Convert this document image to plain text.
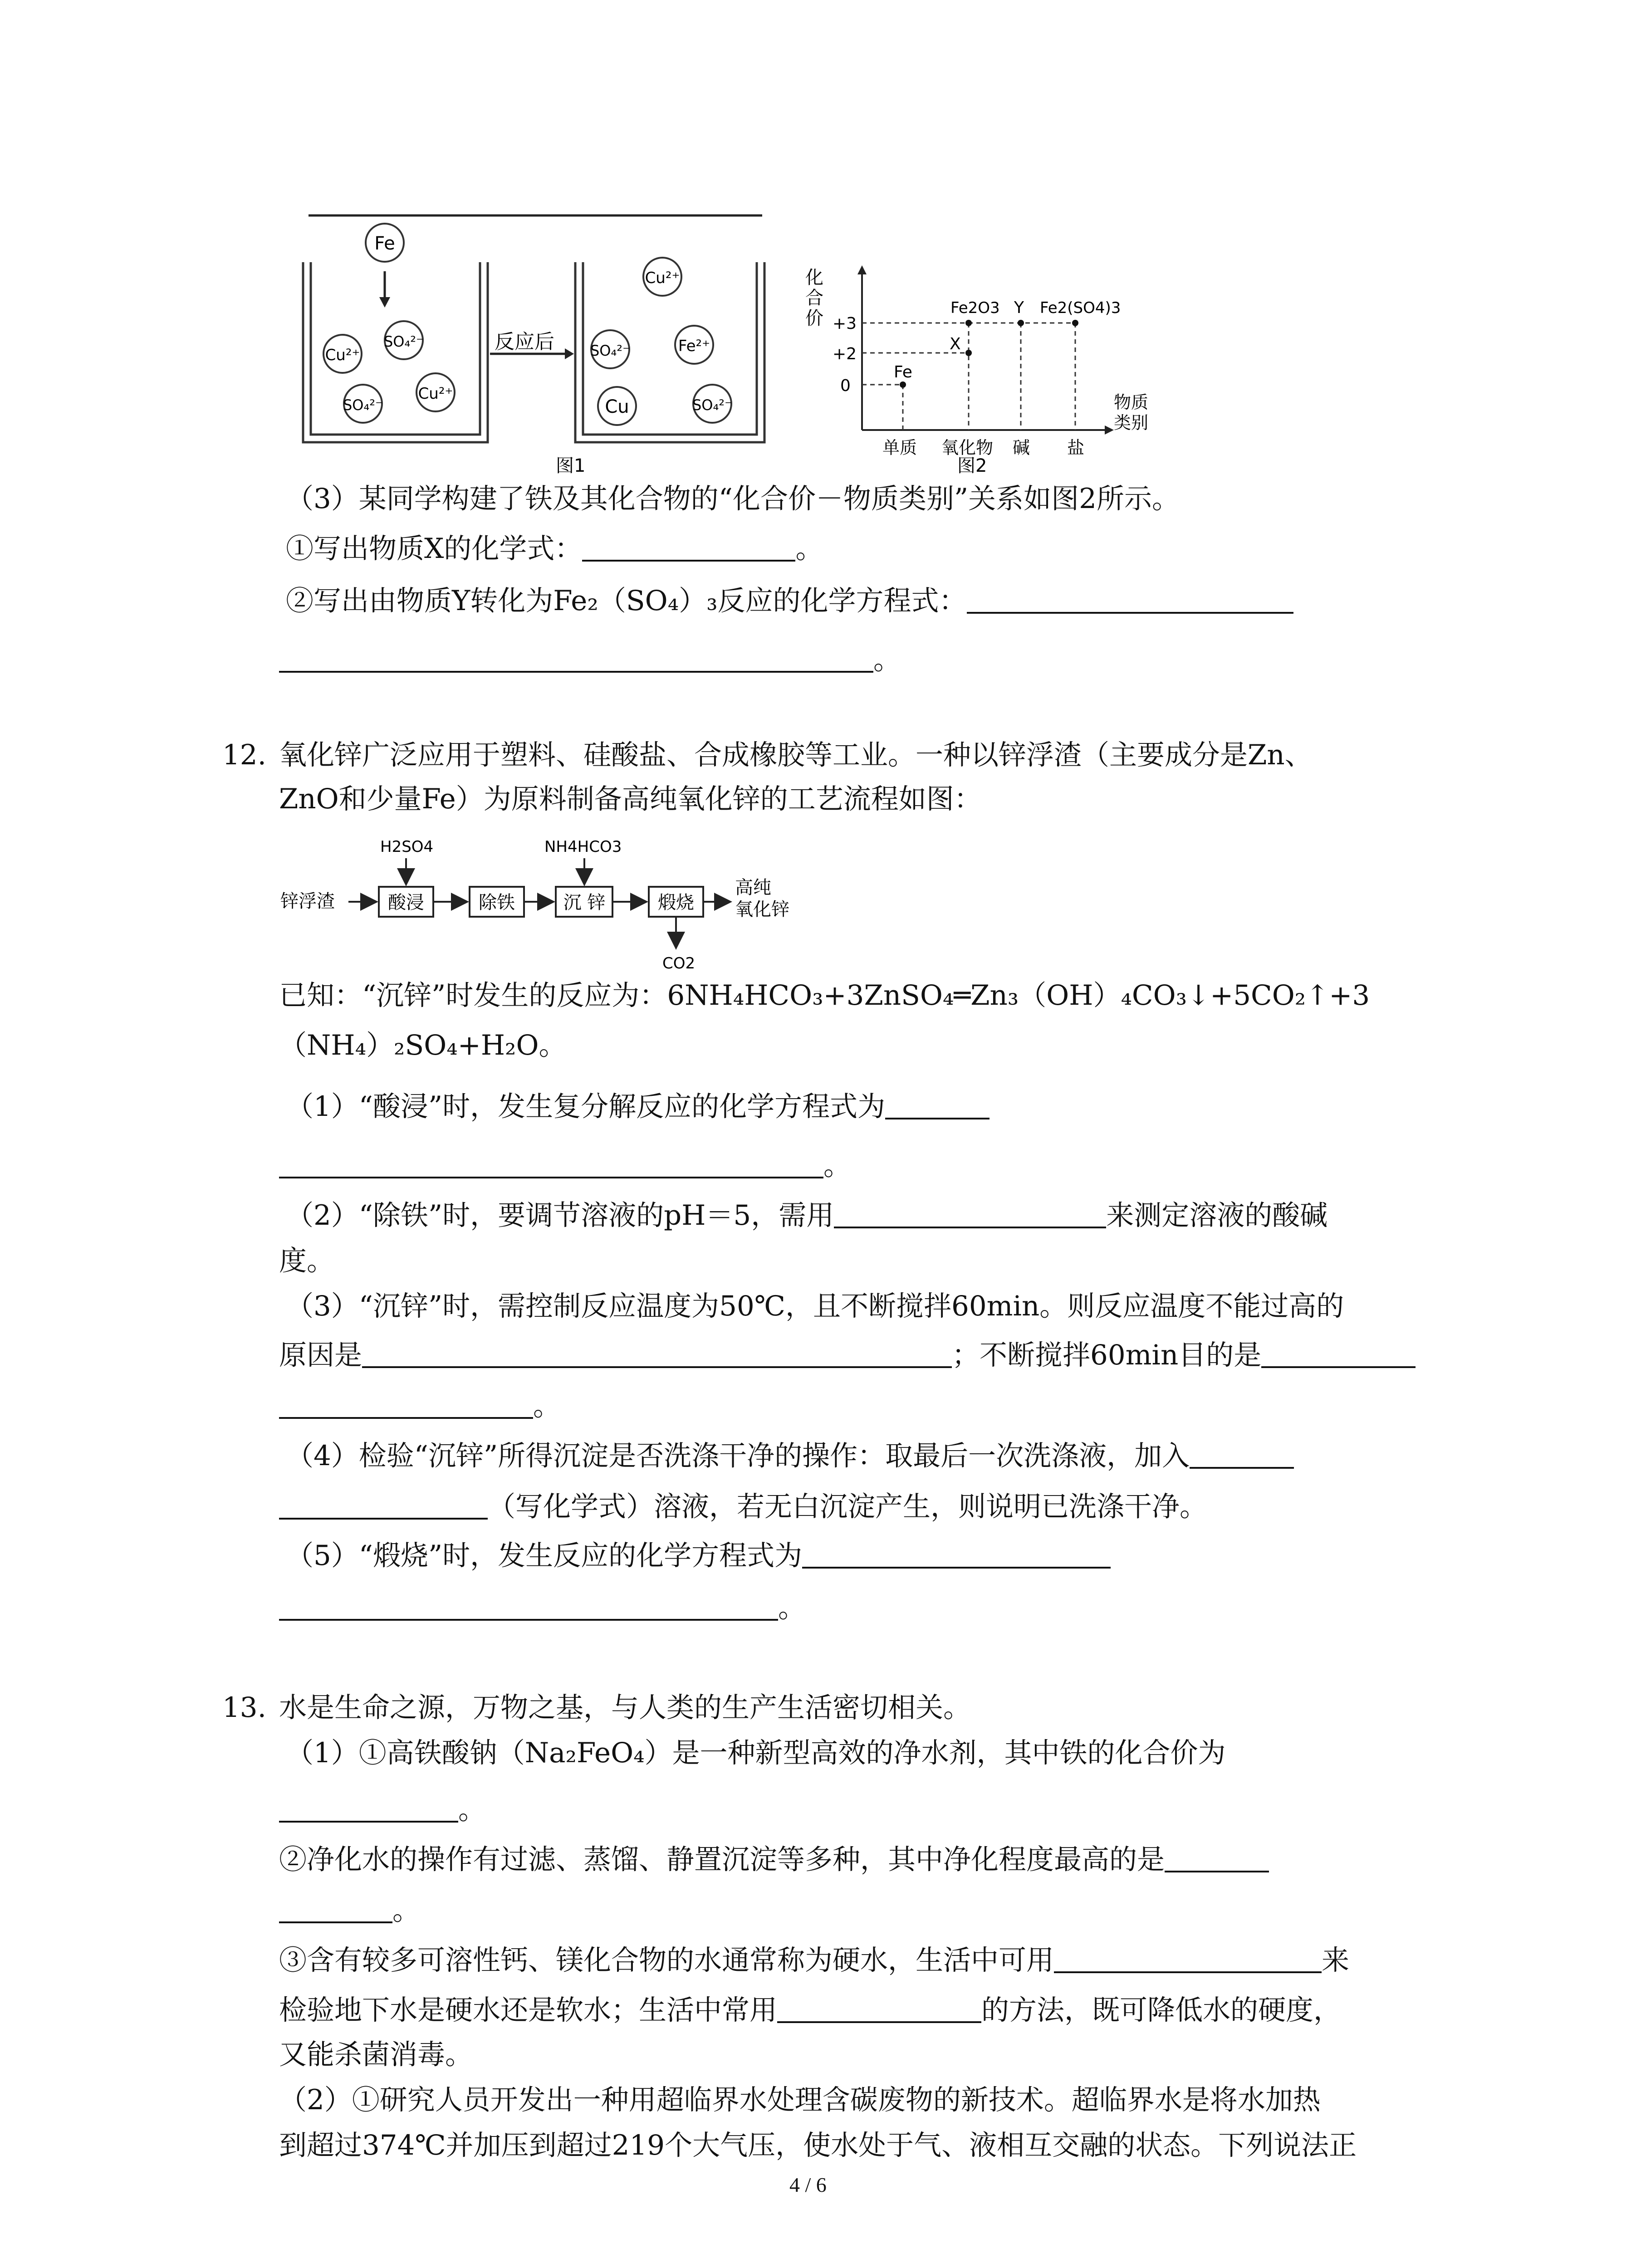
反应后
Fe
Cu²⁺
SO₄²⁻
SO₄²⁻
Cu²⁺
Cu²⁺
SO₄²⁻	Fe²⁺
Cu	SO₄²⁻
图1
化
合
价 +3
+2
0
Fe
Fe2O3
X
Y Fe2(SO4)3
单质 氧化物 碱 盐
物质
类别
图2
（3）某同学构建了铁及其化合物的“化合价－物质类别”关系如图2所示。
①写出物质X的化学式：	。
②写出由物质Y转化为Fe₂（SO₄）₃反应的化学方程式：
。
12. 氧化锌广泛应用于塑料、硅酸盐、合成橡胶等工业。一种以锌浮渣（主要成分是Zn、
ZnO和少量Fe）为原料制备高纯氧化锌的工艺流程如图：
锌浮渣	酸浸
H2SO4
除铁	沉 锌
NH4HCO3
煅烧
CO2
高纯
氧化锌
已知：“沉锌”时发生的反应为：6NH₄HCO₃+3ZnSO₄═Zn₃（OH）₄CO₃↓+5CO₂↑+3
（NH₄）₂SO₄+H₂O。
（1）“酸浸”时，发生复分解反应的化学方程式为
。
（2）“除铁”时，要调节溶液的pH＝5，需用	来测定溶液的酸碱
度。
（3）“沉锌”时，需控制反应温度为50℃，且不断搅拌60min。则反应温度不能过高的
原因是	；不断搅拌60min目的是
。
（4）检验“沉锌”所得沉淀是否洗涤干净的操作：取最后一次洗涤液，加入
（写化学式）溶液，若无白沉淀产生，则说明已洗涤干净。
（5）“煅烧”时，发生反应的化学方程式为
。
13. 水是生命之源，万物之基，与人类的生产生活密切相关。
（1）①高铁酸钠（Na₂FeO₄）是一种新型高效的净水剂，其中铁的化合价为
。
②净化水的操作有过滤、蒸馏、静置沉淀等多种，其中净化程度最高的是
。
③含有较多可溶性钙、镁化合物的水通常称为硬水，生活中可用	来
检验地下水是硬水还是软水；生活中常用	的方法，既可降低水的硬度，
又能杀菌消毒。
（2）①研究人员开发出一种用超临界水处理含碳废物的新技术。超临界水是将水加热
到超过374℃并加压到超过219个大气压，使水处于气、液相互交融的状态。下列说法正
4 / 6
